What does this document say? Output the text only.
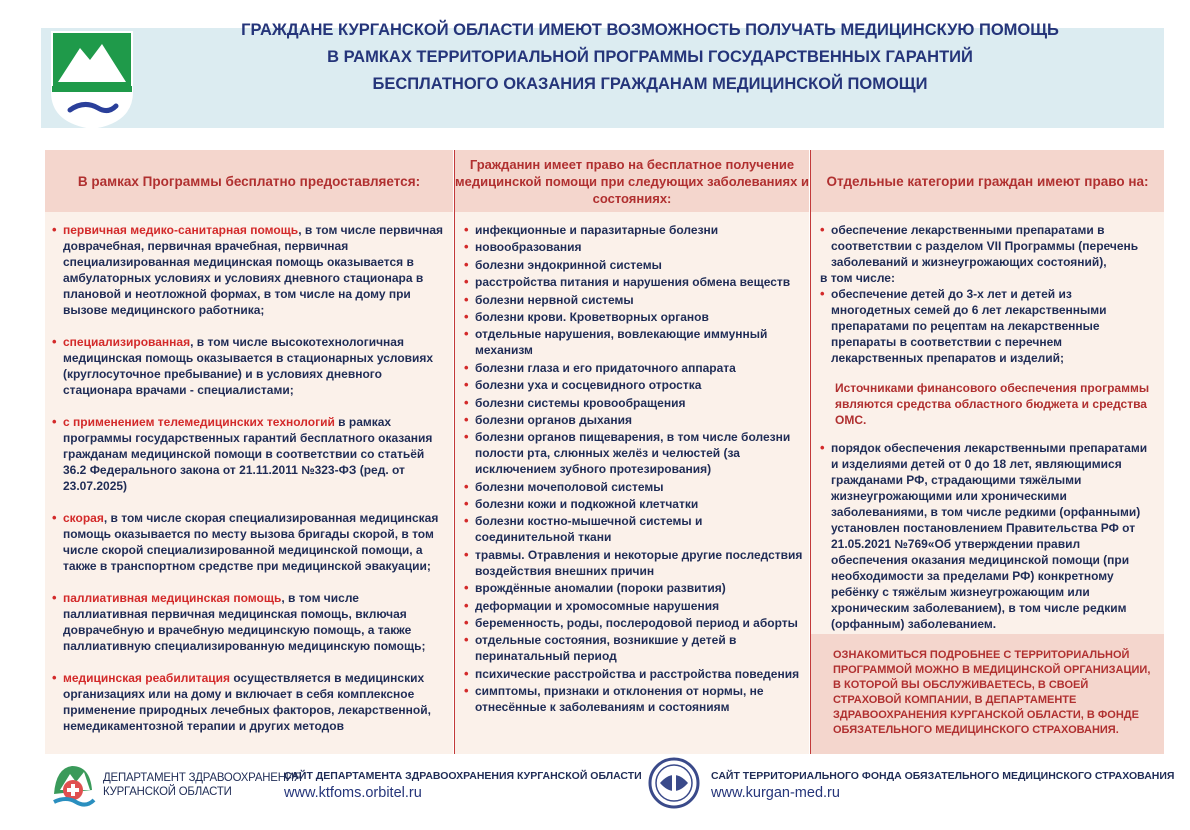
ГРАЖДАНЕ КУРГАНСКОЙ ОБЛАСТИ ИМЕЮТ ВОЗМОЖНОСТЬ ПОЛУЧАТЬ МЕДИЦИНСКУЮ ПОМОЩЬ
В РАМКАХ ТЕРРИТОРИАЛЬНОЙ ПРОГРАММЫ ГОСУДАРСТВЕННЫХ ГАРАНТИЙ
БЕСПЛАТНОГО ОКАЗАНИЯ ГРАЖДАНАМ МЕДИЦИНСКОЙ ПОМОЩИ
В рамках Программы бесплатно предоставляется:
• первичная медико-санитарная помощь, в том числе первичная доврачебная, первичная врачебная, первичная специализированная медицинская помощь оказывается в амбулаторных условиях и условиях дневного стационара в плановой и неотложной формах, в том числе на дому при вызове медицинского работника;
• специализированная, в том числе высокотехнологичная медицинская помощь оказывается в стационарных условиях (круглосуточное пребывание) и в условиях дневного стационара врачами - специалистами;
• с применением телемедицинских технологий в рамках программы государственных гарантий бесплатного оказания гражданам медицинской помощи в соответствии со статьёй 36.2 Федерального закона от 21.11.2011 №323-ФЗ (ред. от 23.07.2025)
• скорая, в том числе скорая специализированная медицинская помощь оказывается по месту вызова бригады скорой, в том числе скорой специализированной медицинской помощи, а также в транспортном средстве при медицинской эвакуации;
• паллиативная медицинская помощь, в том числе паллиативная первичная медицинская помощь, включая доврачебную и врачебную медицинскую помощь, а также паллиативную специализированную медицинскую помощь;
• медицинская реабилитация осуществляется в медицинских организациях или на дому и включает в себя комплексное применение природных лечебных факторов, лекарственной, немедикаментозной терапии и других методов
Гражданин имеет право на бесплатное получение медицинской помощи при следующих заболеваниях и состояниях:
• инфекционные и паразитарные болезни
• новообразования
• болезни эндокринной системы
• расстройства питания и нарушения обмена веществ
• болезни нервной системы
• болезни крови. Кроветворных органов
• отдельные нарушения, вовлекающие иммунный механизм
• болезни глаза и его придаточного аппарата
• болезни уха и сосцевидного отростка
• болезни системы кровообращения
• болезни органов дыхания
• болезни органов пищеварения, в том числе болезни полости рта, слюнных желёз и челюстей (за исключением зубного протезирования)
• болезни мочеполовой системы
• болезни кожи и подкожной клетчатки
• болезни костно-мышечной системы и соединительной ткани
• травмы. Отравления и некоторые другие последствия воздействия внешних причин
• врождённые аномалии (пороки развития)
• деформации и хромосомные нарушения
• беременность, роды, послеродовой период и аборты
• отдельные состояния, возникшие у детей в перинатальный период
• психические расстройства и расстройства поведения
• симптомы, признаки и отклонения от нормы, не отнесённые к заболеваниям и состояниям
Отдельные категории граждан имеют право на:
• обеспечение лекарственными препаратами в соответствии с разделом VII Программы (перечень заболеваний и жизнеугрожающих состояний),
в том числе:
• обеспечение детей до 3-х лет и детей из многодетных семей до 6 лет лекарственными препаратами по рецептам на лекарственные препараты в соответствии с перечнем лекарственных препаратов и изделий;
Источниками финансового обеспечения программы являются средства областного бюджета и средства ОМС.
• порядок обеспечения лекарственными препаратами и изделиями детей от 0 до 18 лет, являющимися гражданами РФ, страдающими тяжёлыми жизнеугрожающими или хроническими заболеваниями, в том числе редкими (орфанными) установлен постановлением Правительства РФ от 21.05.2021 №769«Об утверждении правил обеспечения оказания медицинской помощи (при необходимости за пределами РФ) конкретному ребёнку с тяжёлым жизнеугрожающим или хроническим заболеванием), в том числе редким (орфанным) заболеванием.

ОЗНАКОМИТЬСЯ ПОДРОБНЕЕ С ТЕРРИТОРИАЛЬНОЙ ПРОГРАММОЙ МОЖНО В МЕДИЦИНСКОЙ ОРГАНИЗАЦИИ, В КОТОРОЙ ВЫ ОБСЛУЖИВАЕТЕСЬ, В СВОЕЙ СТРАХОВОЙ КОМПАНИИ, В ДЕПАРТАМЕНТЕ ЗДРАВООХРАНЕНИЯ КУРГАНСКОЙ ОБЛАСТИ, В ФОНДЕ ОБЯЗАТЕЛЬНОГО МЕДИЦИНСКОГО СТРАХОВАНИЯ.

ДЕПАРТАМЕНТ ЗДРАВООХРАНЕНИЯ
КУРГАНСКОЙ ОБЛАСТИ
САЙТ ДЕПАРТАМЕНТА ЗДРАВООХРАНЕНИЯ КУРГАНСКОЙ ОБЛАСТИ
www.ktfoms.orbitel.ru
САЙТ ТЕРРИТОРИАЛЬНОГО ФОНДА ОБЯЗАТЕЛЬНОГО МЕДИЦИНСКОГО СТРАХОВАНИЯ
www.kurgan-med.ru
